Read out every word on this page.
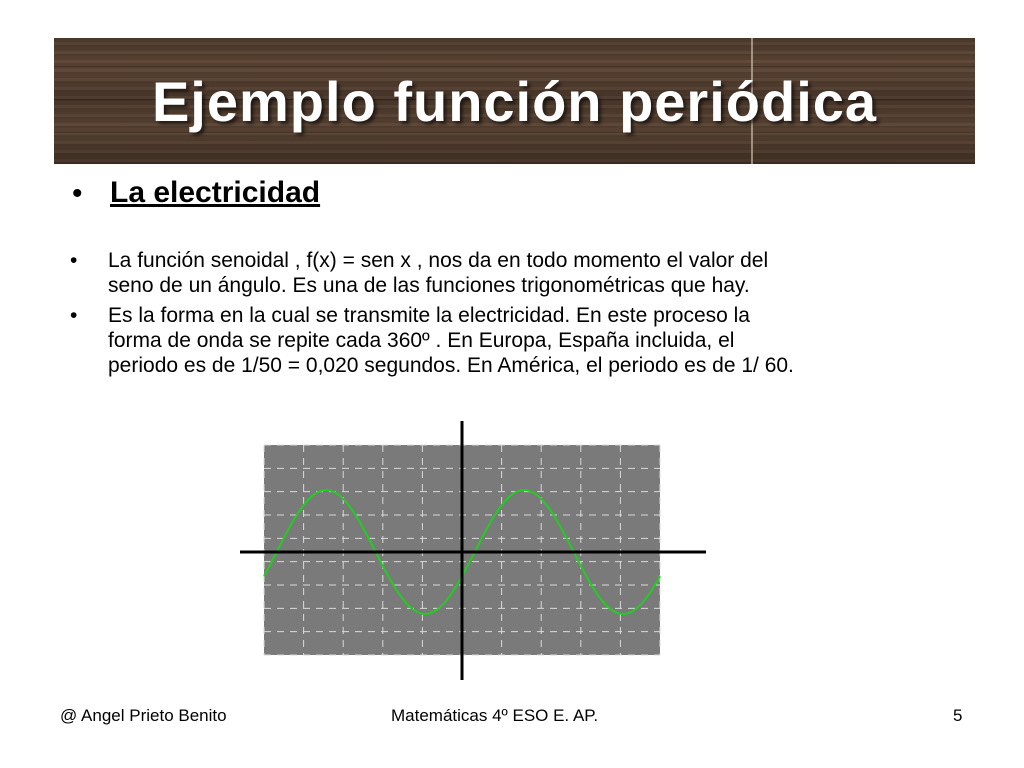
Ejemplo función periódica
• La electricidad
• La función senoidal , f(x) = sen x , nos da en todo momento el valor del
seno de un ángulo. Es una de las funciones trigonométricas que hay.
• Es la forma en la cual se transmite la electricidad. En este proceso la
forma de onda se repite cada 360º . En Europa, España incluida, el
periodo es de 1/50 = 0,020 segundos. En América, el periodo es de 1/ 60.
@ Angel Prieto Benito	Matemáticas 4º ESO E. AP.	5
